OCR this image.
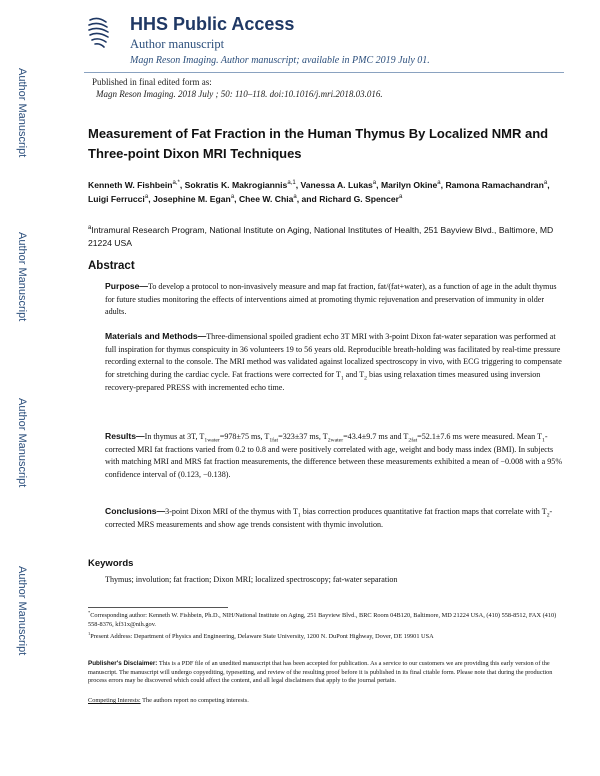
Author Manuscript
Author Manuscript
Author Manuscript
Author Manuscript
HHS Public Access
Author manuscript
Magn Reson Imaging. Author manuscript; available in PMC 2019 July 01.
Published in final edited form as:
Magn Reson Imaging. 2018 July ; 50: 110–118. doi:10.1016/j.mri.2018.03.016.
Measurement of Fat Fraction in the Human Thymus By Localized NMR and Three-point Dixon MRI Techniques
Kenneth W. Fishbein$^{a,*}$, Sokratis K. Makrogiannis$^{a,1}$, Vanessa A. Lukas$^a$, Marilyn Okine$^a$, Ramona Ramachandran$^a$, Luigi Ferrucci$^a$, Josephine M. Egan$^a$, Chee W. Chia$^a$, and Richard G. Spencer$^a$
$^a$Intramural Research Program, National Institute on Aging, National Institutes of Health, 251 Bayview Blvd., Baltimore, MD 21224 USA
Abstract

Purpose—To develop a protocol to non-invasively measure and map fat fraction, fat/(fat+water), as a function of age in the adult thymus for future studies monitoring the effects of interventions aimed at promoting thymic rejuvenation and preservation of immunity in older adults.

Materials and Methods—Three-dimensional spoiled gradient echo 3T MRI with 3-point Dixon fat-water separation was performed at full inspiration for thymus conspicuity in 36 volunteers 19 to 56 years old. Reproducible breath-holding was facilitated by real-time pressure recording external to the console. The MRI method was validated against localized spectroscopy in vivo, with ECG triggering to compensate for stretching during the cardiac cycle. Fat fractions were corrected for $T_1$ and $T_2$ bias using relaxation times measured using inversion recovery-prepared PRESS with incremented echo time.

Results—In thymus at 3T, $T_{1water}=978\pm 75$ ms, $T_{1fat}=323\pm 37$ ms, $T_{2water}=43.4\pm 9.7$ ms and $T_{2fat}=52.1\pm 7.6$ ms were measured. Mean $T_1$-corrected MRI fat fractions varied from 0.2 to 0.8 and were positively correlated with age, weight and body mass index (BMI). In subjects with matching MRI and MRS fat fraction measurements, the difference between these measurements exhibited a mean of −0.008 with a 95% confidence interval of (0.123, −0.138).

Conclusions—3-point Dixon MRI of the thymus with $T_1$ bias correction produces quantitative fat fraction maps that correlate with $T_2$-corrected MRS measurements and show age trends consistent with thymic involution.

Keywords
Thymus; involution; fat fraction; Dixon MRI; localized spectroscopy; fat-water separation

*Corresponding author: Kenneth W. Fishbein, Ph.D., NIH/National Institute on Aging, 251 Bayview Blvd., BRC Room 04B120, Baltimore, MD 21224 USA, (410) 558-8512, FAX (410) 558-8376, kf31x@nih.gov.

$^1$Present Address: Department of Physics and Engineering, Delaware State University, 1200 N. DuPont Highway, Dover, DE 19901 USA

Publisher's Disclaimer: This is a PDF file of an unedited manuscript that has been accepted for publication. As a service to our customers we are providing this early version of the manuscript. The manuscript will undergo copyediting, typesetting, and review of the resulting proof before it is published in its final citable form. Please note that during the production process errors may be discovered which could affect the content, and all legal disclaimers that apply to the journal pertain.

Competing Interests: The authors report no competing interests.
